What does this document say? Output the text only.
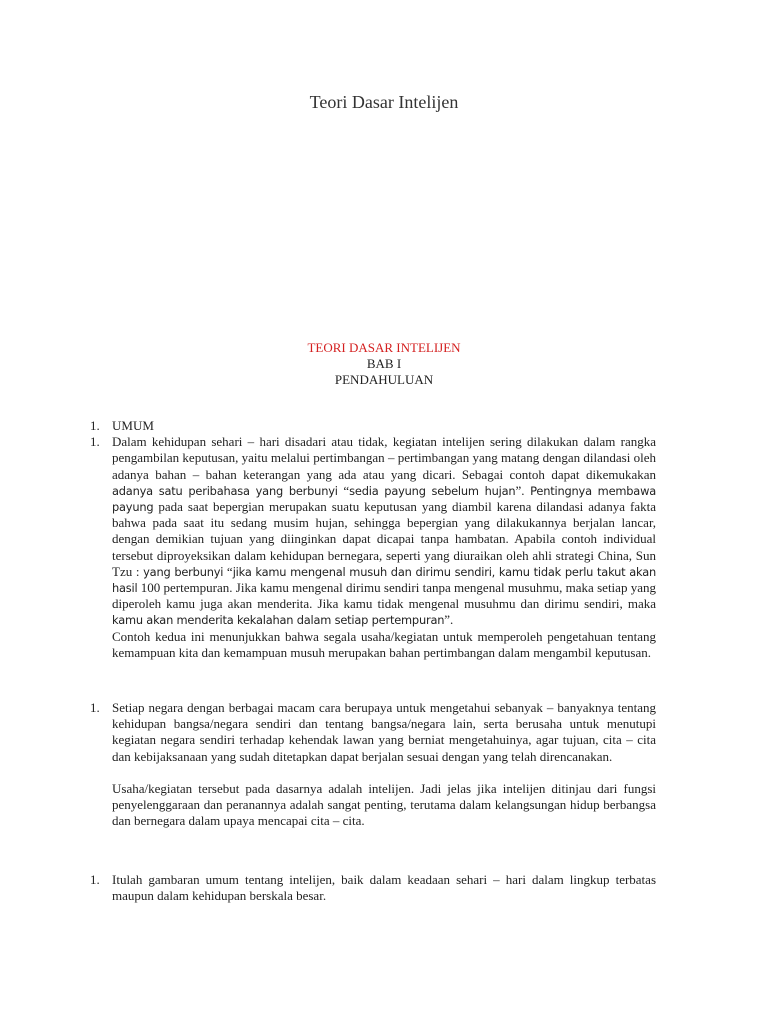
Teori Dasar Intelijen
TEORI DASAR INTELIJEN
BAB I
PENDAHULUAN
1. UMUM
1. Dalam kehidupan sehari – hari disadari atau tidak, kegiatan intelijen sering dilakukan dalam rangka pengambilan keputusan, yaitu melalui pertimbangan – pertimbangan yang matang dengan dilandasi oleh adanya bahan – bahan keterangan yang ada atau yang dicari. Sebagai contoh dapat dikemukakan adanya satu peribahasa yang berbunyi “sedia payung sebelum hujan”. Pentingnya membawa payung pada saat bepergian merupakan suatu keputusan yang diambil karena dilandasi adanya fakta bahwa pada saat itu sedang musim hujan, sehingga bepergian yang dilakukannya berjalan lancar, dengan demikian tujuan yang diinginkan dapat dicapai tanpa hambatan. Apabila contoh individual tersebut diproyeksikan dalam kehidupan bernegara, seperti yang diuraikan oleh ahli strategi China, Sun Tzu : yang berbunyi “jika kamu mengenal musuh dan dirimu sendiri, kamu tidak perlu takut akan hasil 100 pertempuran. Jika kamu mengenal dirimu sendiri tanpa mengenal musuhmu, maka setiap yang diperoleh kamu juga akan menderita. Jika kamu tidak mengenal musuhmu dan dirimu sendiri, maka kamu akan menderita kekalahan dalam setiap pertempuran”.

Contoh kedua ini menunjukkan bahwa segala usaha/kegiatan untuk memperoleh pengetahuan tentang kemampuan kita dan kemampuan musuh merupakan bahan pertimbangan dalam mengambil keputusan.

1. Setiap negara dengan berbagai macam cara berupaya untuk mengetahui sebanyak – banyaknya tentang kehidupan bangsa/negara sendiri dan tentang bangsa/negara lain, serta berusaha untuk menutupi kegiatan negara sendiri terhadap kehendak lawan yang berniat mengetahuinya, agar tujuan, cita – cita dan kebijaksanaan yang sudah ditetapkan dapat berjalan sesuai dengan yang telah direncanakan.

Usaha/kegiatan tersebut pada dasarnya adalah intelijen. Jadi jelas jika intelijen ditinjau dari fungsi penyelenggaraan dan peranannya adalah sangat penting, terutama dalam kelangsungan hidup berbangsa dan bernegara dalam upaya mencapai cita – cita.

1. Itulah gambaran umum tentang intelijen, baik dalam keadaan sehari – hari dalam lingkup terbatas maupun dalam kehidupan berskala besar.
